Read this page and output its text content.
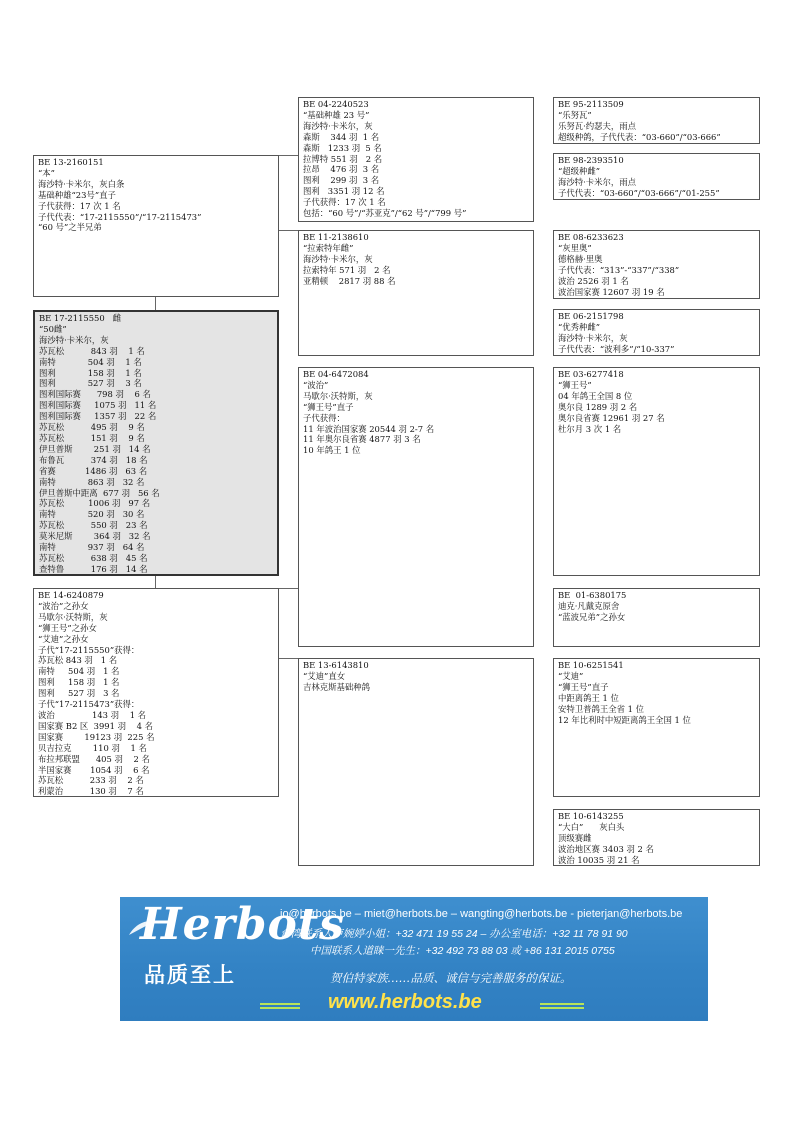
BE 17-2115550   雌
“50雌”
海沙特·卡米尔，灰
苏瓦松          843 羽    1 名
南特            504 羽    1 名
图利            158 羽    1 名
图利            527 羽    3 名
图利国际赛      798 羽    6 名
图利国际赛     1075 羽   11 名
图利国际赛     1357 羽   22 名
苏瓦松          495 羽    9 名
苏瓦松          151 羽    9 名
伊旦普斯        251 羽   14 名
布鲁瓦          374 羽   18 名
省赛           1486 羽   63 名
南特            863 羽   32 名
伊旦普斯中距离  677 羽   56 名
苏瓦松         1006 羽   97 名
南特            520 羽   30 名
苏瓦松          550 羽   23 名
莫米尼斯        364 羽   32 名
南特            937 羽   64 名
苏瓦松          638 羽   45 名
查特鲁          176 羽   14 名
BE 13-2160151
“本”
海沙特·卡米尔，灰白条
基础种雄“23号”直子
子代获得：17 次 1 名
子代代表：“17-2115550”/“17-2115473”
“60 号”之半兄弟
BE 14-6240879
“波治”之孙女
马歇尔·沃特斯，灰
“狮王号”之孙女
“艾迪”之孙女
子代“17-2115550”获得：
苏瓦松 843 羽   1 名
南特     504 羽   1 名
图利     158 羽   1 名
图利     527 羽   3 名
子代“17-2115473”获得：
波治              143 羽    1 名
国家赛 B2 区  3991 羽    4 名
国家赛        19123 羽  225 名
贝吉拉克        110 羽    1 名
布拉邦联盟      405 羽    2 名
半国家赛       1054 羽    6 名
苏瓦松          233 羽    2 名
利蒙治          130 羽    7 名
BE 04-2240523
“基础种雄 23 号”
海沙特·卡米尔，灰
森斯    344 羽  1 名
森斯   1233 羽  5 名
拉博特 551 羽   2 名
拉昂    476 羽  3 名
图利    299 羽  3 名
图利   3351 羽 12 名
子代获得：17 次 1 名
包括：“60 号”/“苏亚克”/“62 号”/“799 号”
BE 11-2138610
“拉索特年雌”
海沙特·卡米尔，灰
拉索特年 571 羽   2 名
亚精顿    2817 羽 88 名
BE 04-6472084
“波治”
马歇尔·沃特斯，灰
“狮王号”直子
子代获得：
11 年波治国家赛 20544 羽 2-7 名
11 年奥尔良省赛 4877 羽 3 名
10 年鸽王 1 位
BE 13-6143810
“艾迪”直女
吉林克斯基础种鸽
BE 95-2113509
“乐努瓦”
乐努瓦·约瑟夫，雨点
超级种鸽，子代代表：“03-660”/“03-666”
BE 98-2393510
“超级种雌”
海沙特·卡米尔，雨点
子代代表：“03-660”/“03-666”/“01-255”
BE 08-6233623
“灰里奥”
德格赫·里奥
子代代表：“313”-“337”/“338”
波治 2526 羽 1 名
波治国家赛 12607 羽 19 名
BE 06-2151798
“优秀种雌”
海沙特·卡米尔，灰
子代代表：“波利多”/“10-337”
BE 03-6277418
“狮王号”
04 年鸽王全国 8 位
奥尔良 1289 羽 2 名
奥尔良省赛 12961 羽 27 名
杜尔月 3 次 1 名
BE  01-6380175
迪克·凡戴克原舍
“蓝波兄弟”之孙女
BE 10-6251541
“艾迪”
“狮王号”直子
中距离鸽王 1 位
安特卫普鸽王全省 1 位
12 年比利时中短距离鸽王全国 1 位
BE 10-6143255
“大白”      灰白头
顶级赛雌
波治地区赛 3403 羽 2 名
波治 10035 羽 21 名
Herbots
品质至上
jo@herbots.be – miet@herbots.be – wangting@herbots.be - pieterjan@herbots.be
台湾联系人卢婉婷小姐：+32 471 19 55 24 – 办公室电话：+32 11 78 91 90
中国联系人道睐一先生：+32 492 73 88 03 或 +86 131 2015 0755
贺伯特家族……品质、诚信与完善服务的保证。
www.herbots.be
